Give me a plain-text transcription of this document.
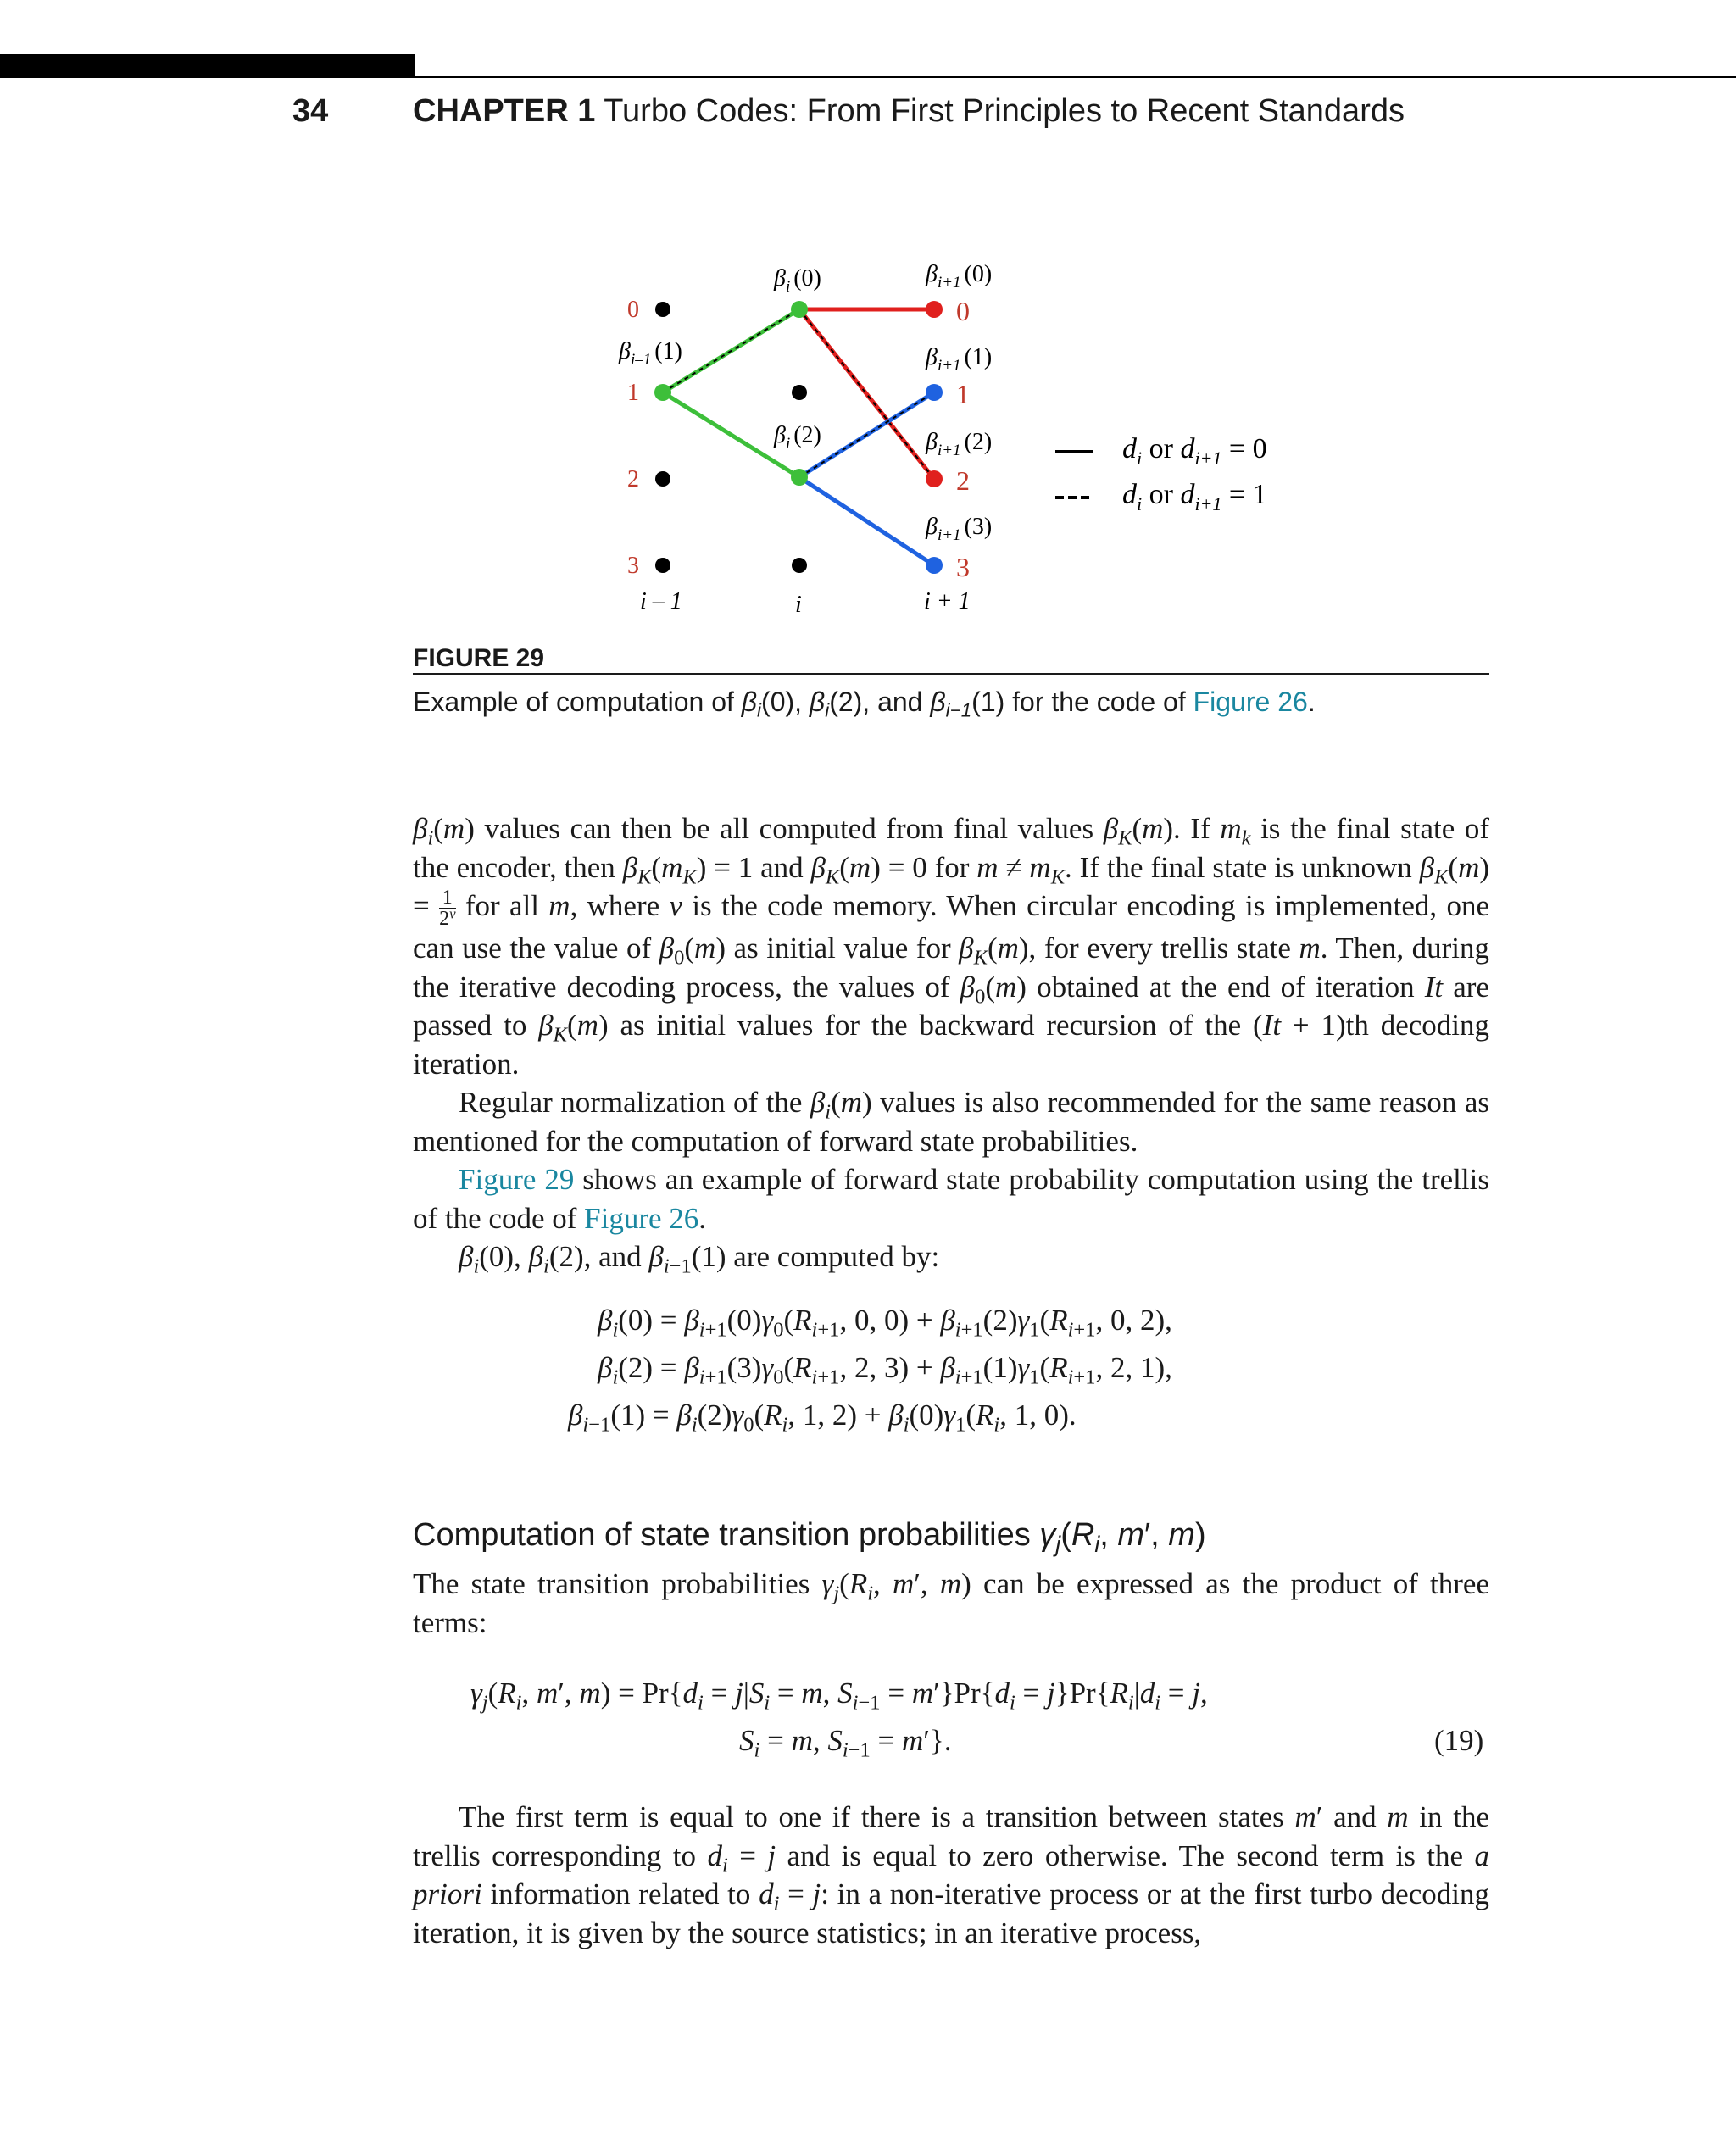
34	CHAPTER 1 Turbo Codes: From First Principles to Recent Standards
0
1
2
3
0
1
2
3
$\beta_i$ (0)
$\beta_i$ (2)
$\beta_{i-1}$ (1)
$\beta_{i+1}$ (0)
$\beta_{i+1}$ (1)
$\beta_{i+1}$ (2)
$\beta_{i+1}$ (3)
i – 1	i	i + 1
$d_i$ or $d_{i+1} = 0$
$d_i$ or $d_{i+1} = 1$
FIGURE 29
Example of computation of $\beta_i(0)$, $\beta_i(2)$, and $\beta_{i-1}(1)$ for the code of Figure 26.

$\beta_i(m)$ values can then be all computed from final values $\beta_K(m)$. If $m_k$ is the final state of the encoder, then $\beta_K(m_K) = 1$ and $\beta_K(m) = 0$ for $m \ne m_K$. If the final state is unknown $\beta_K(m) = \frac{1}{2^\nu}$ for all m, where ν is the code memory. When circular encoding is implemented, one can use the value of $\beta_0(m)$ as initial value for $\beta_K(m)$, for every trellis state m. Then, during the iterative decoding process, the values of $\beta_0(m)$ obtained at the end of iteration It are passed to $\beta_K(m)$ as initial values for the backward recursion of the (It + 1)th decoding iteration.

Regular normalization of the $\beta_i(m)$ values is also recommended for the same reason as mentioned for the computation of forward state probabilities.

Figure 29 shows an example of forward state probability computation using the trellis of the code of Figure 26.

$\beta_i(0)$, $\beta_i(2)$, and $\beta_{i-1}(1)$ are computed by:

$\beta_i(0) = \beta_{i+1}(0)\gamma_0(R_{i+1}$, 0, $0) + \beta_{i+1}(2)\gamma_1(R_{i+1}$, 0, 2),
$\beta_i(2) = \beta_{i+1}(3)\gamma_0(R_{i+1}$, 2, $3) + \beta_{i+1}(1)\gamma_1(R_{i+1}$, 2, 1),
$\beta_{i-1}(1) = \beta_i(2)\gamma_0(R_i$, 1, $2) + \beta_i(0)\gamma_1(R_i$, 1, 0).
Computation of state transition probabilities $\gamma_j(R_i$, m′, m)

The state transition probabilities $\gamma_j(R_i$, m′, m) can be expressed as the product of three terms:

$\gamma_j(R_i$, m′, $m) = Pr\{d_i = j|S_i = m$, $S_{i-1} = m'\}Pr\{d_i = j\}Pr\{R_i|d_i = j$,
$S_i = m$, $S_{i-1} = m'$}.	(19)

The first term is equal to one if there is a transition between states m′ and m in the trellis corresponding to $d_i = j$ and is equal to zero otherwise. The second term is the a priori information related to $d_i = j$: in a non-iterative process or at the first turbo decoding iteration, it is given by the source statistics; in an iterative process,
